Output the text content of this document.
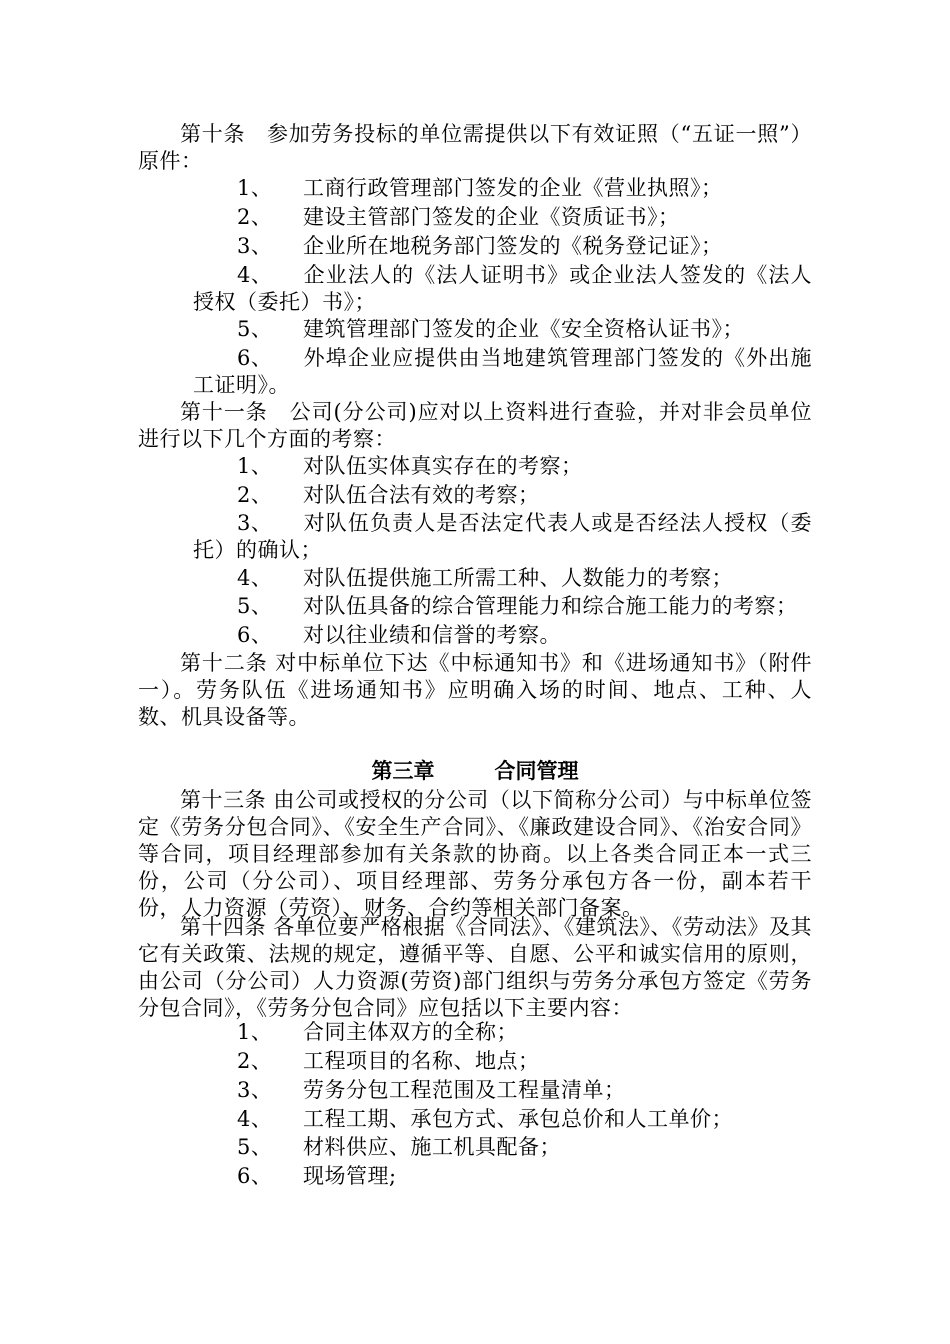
第十条　参加劳务投标的单位需提供以下有效证照（“五证一照”）原件：
1、 工商行政管理部门签发的企业《营业执照》；
2、 建设主管部门签发的企业《资质证书》；
3、 企业所在地税务部门签发的《税务登记证》；
4、 企业法人的《法人证明书》或企业法人签发的《法人授权（委托）书》；
5、 建筑管理部门签发的企业《安全资格认证书》；
6、 外埠企业应提供由当地建筑管理部门签发的《外出施工证明》。
第十一条　公司(分公司)应对以上资料进行查验，并对非会员单位进行以下几个方面的考察：
1、 对队伍实体真实存在的考察；
2、 对队伍合法有效的考察；
3、 对队伍负责人是否法定代表人或是否经法人授权（委托）的确认；
4、 对队伍提供施工所需工种、人数能力的考察；
5、 对队伍具备的综合管理能力和综合施工能力的考察；
6、 对以往业绩和信誉的考察。
第十二条 对中标单位下达《中标通知书》和《进场通知书》（附件一）。劳务队伍《进场通知书》应明确入场的时间、地点、工种、人数、机具设备等。
第三章	合同管理
第十三条 由公司或授权的分公司（以下简称分公司）与中标单位签定《劳务分包合同》、《安全生产合同》、《廉政建设合同》、《治安合同》等合同，项目经理部参加有关条款的协商。以上各类合同正本一式三份，公司（分公司）、项目经理部、劳务分承包方各一份，副本若干份，人力资源（劳资）、财务、合约等相关部门备案。
第十四条 各单位要严格根据《合同法》、《建筑法》、《劳动法》及其它有关政策、法规的规定，遵循平等、自愿、公平和诚实信用的原则，由公司（分公司）人力资源(劳资)部门组织与劳务分承包方签定《劳务分包合同》，《劳务分包合同》应包括以下主要内容：
1、 合同主体双方的全称；
2、 工程项目的名称、地点；
3、 劳务分包工程范围及工程量清单；
4、 工程工期、承包方式、承包总价和人工单价；
5、 材料供应、施工机具配备；
6、 现场管理;
